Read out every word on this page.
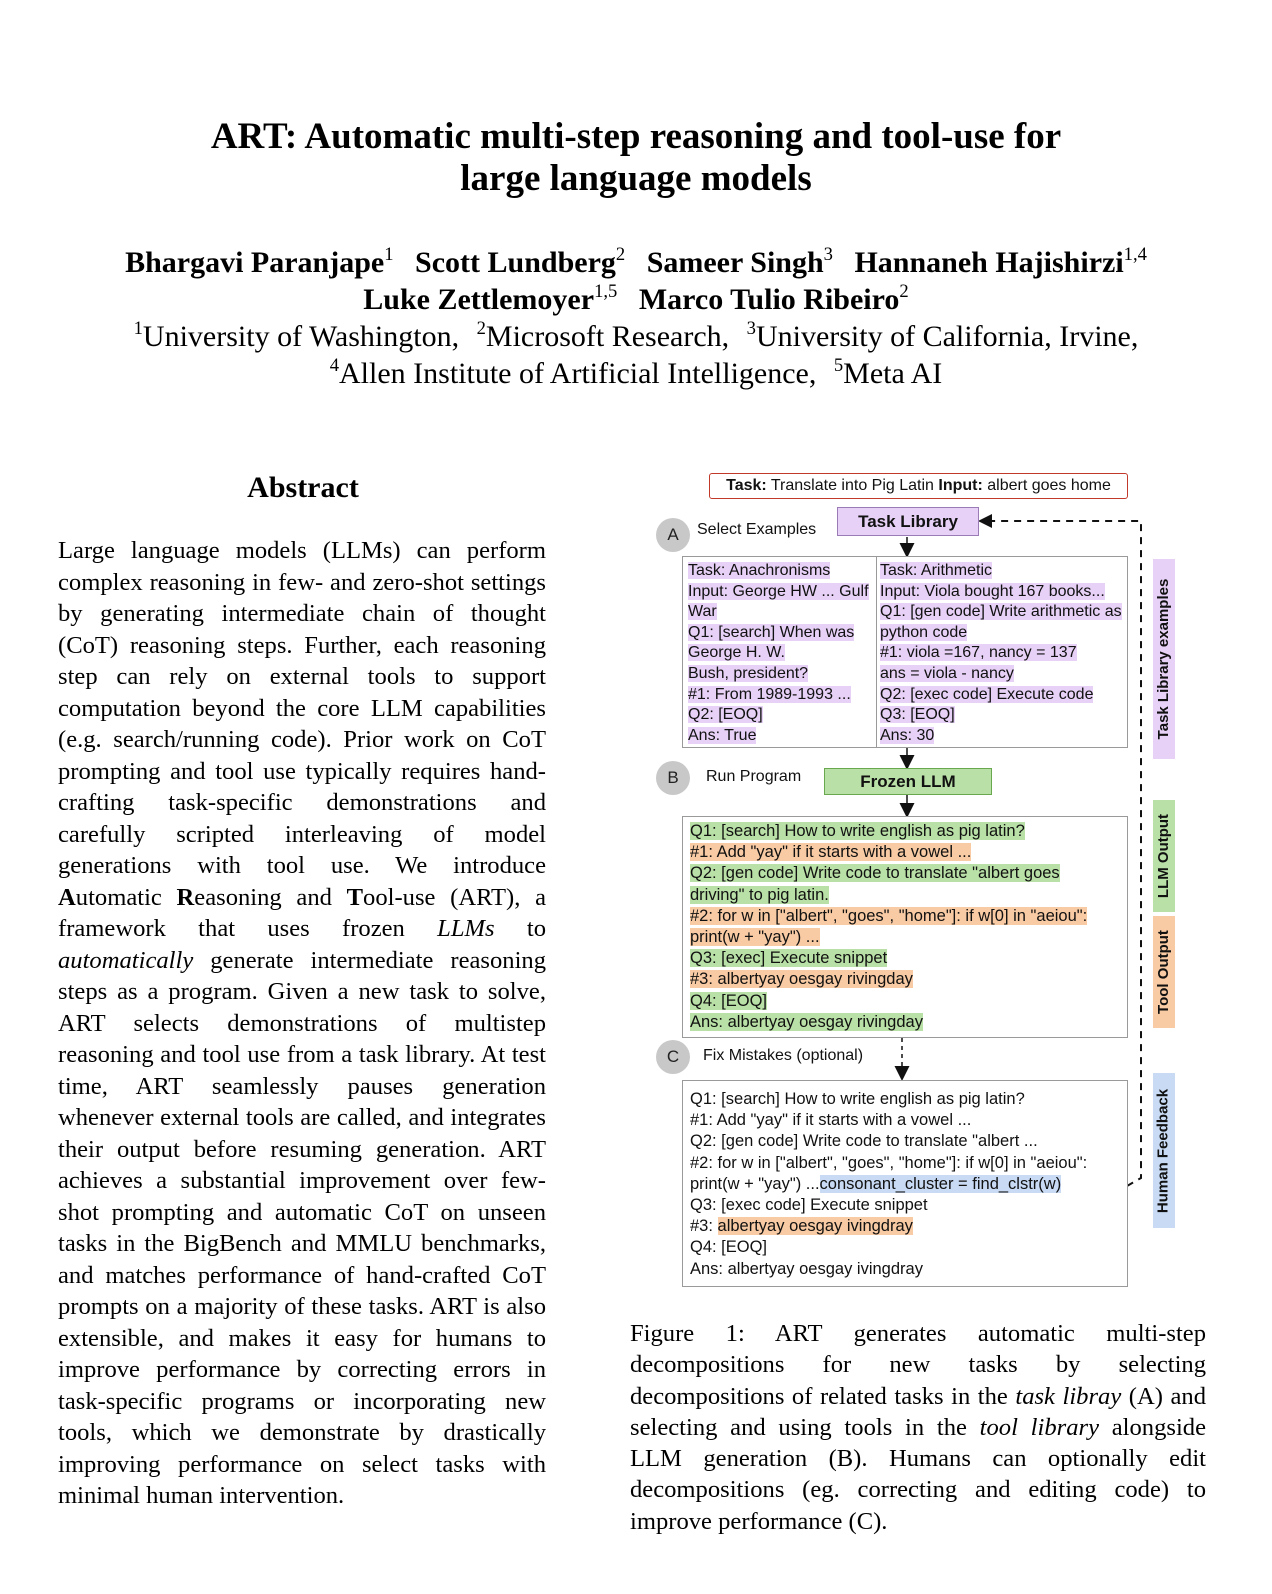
ART: Automatic multi-step reasoning and tool-use for
large language models
Bhargavi Paranjape$^1$ Scott Lundberg$^2$ Sameer Singh$^3$ Hannaneh Hajishirzi$^{1,4}$
Luke Zettlemoyer$^{1,5}$ Marco Tulio Ribeiro$^2$
$^1$University of Washington, $^2$Microsoft Research, $^3$University of California, Irvine,
$^4$Allen Institute of Artificial Intelligence, $^5$Meta AI
Abstract
Large language models (LLMs) can perform complex reasoning in few- and zero-shot settings by generating intermediate chain of thought (CoT) reasoning steps. Further, each reasoning step can rely on external tools to support computation beyond the core LLM capabilities (e.g. search/running code). Prior work on CoT prompting and tool use typically requires hand-crafting task-specific demonstrations and carefully scripted interleaving of model generations with tool use. We introduce Automatic Reasoning and Tool-use (ART), a framework that uses frozen LLMs to automatically generate intermediate reasoning steps as a program. Given a new task to solve, ART selects demonstrations of multistep reasoning and tool use from a task library. At test time, ART seamlessly pauses generation whenever external tools are called, and integrates their output before resuming generation. ART achieves a substantial improvement over few-shot prompting and automatic CoT on unseen tasks in the BigBench and MMLU benchmarks, and matches performance of hand-crafted CoT prompts on a majority of these tasks. ART is also extensible, and makes it easy for humans to improve performance by correcting errors in task-specific programs or incorporating new tools, which we demonstrate by drastically improving performance on select tasks with minimal human intervention.
Task: Translate into Pig Latin Input: albert goes home
A	Select Examples	Task Library
Task: Anachronisms
Input: George HW ... Gulf
War
Q1: [search] When was
George H. W.
Bush, president?
#1: From 1989-1993 ...
Q2: [EOQ]
Ans: True
Task: Arithmetic
Input: Viola bought 167 books...
Q1: [gen code] Write arithmetic as
python code
#1: viola =167, nancy = 137
ans = viola - nancy
Q2: [exec code] Execute code
Q3: [EOQ]
Ans: 30
B	Run Program	Frozen LLM
Q1: [search] How to write english as pig latin?
#1: Add "yay" if it starts with a vowel ...
Q2: [gen code] Write code to translate "albert goes
driving" to pig latin.
#2: for w in ["albert", "goes", "home"]: if w[0] in "aeiou":
print(w + "yay") ...
Q3: [exec] Execute snippet
#3: albertyay oesgay rivingday
Q4: [EOQ]
Ans: albertyay oesgay rivingday
C	Fix Mistakes (optional)
Q1: [search] How to write english as pig latin?
#1: Add "yay" if it starts with a vowel ...
Q2: [gen code] Write code to translate "albert ...
#2: for w in ["albert", "goes", "home"]: if w[0] in "aeiou":
print(w + "yay") ...consonant_cluster = find_clstr(w)
Q3: [exec code] Execute snippet
#3: albertyay oesgay ivingdray
Q4: [EOQ]
Ans: albertyay oesgay ivingdray
Task Library examples
LLM Output
Tool Output
Human Feedback
Figure 1: ART generates automatic multi-step decompositions for new tasks by selecting decompositions of related tasks in the task libray (A) and selecting and using tools in the tool library alongside LLM generation (B). Humans can optionally edit decompositions (eg. correcting and editing code) to improve performance (C).
